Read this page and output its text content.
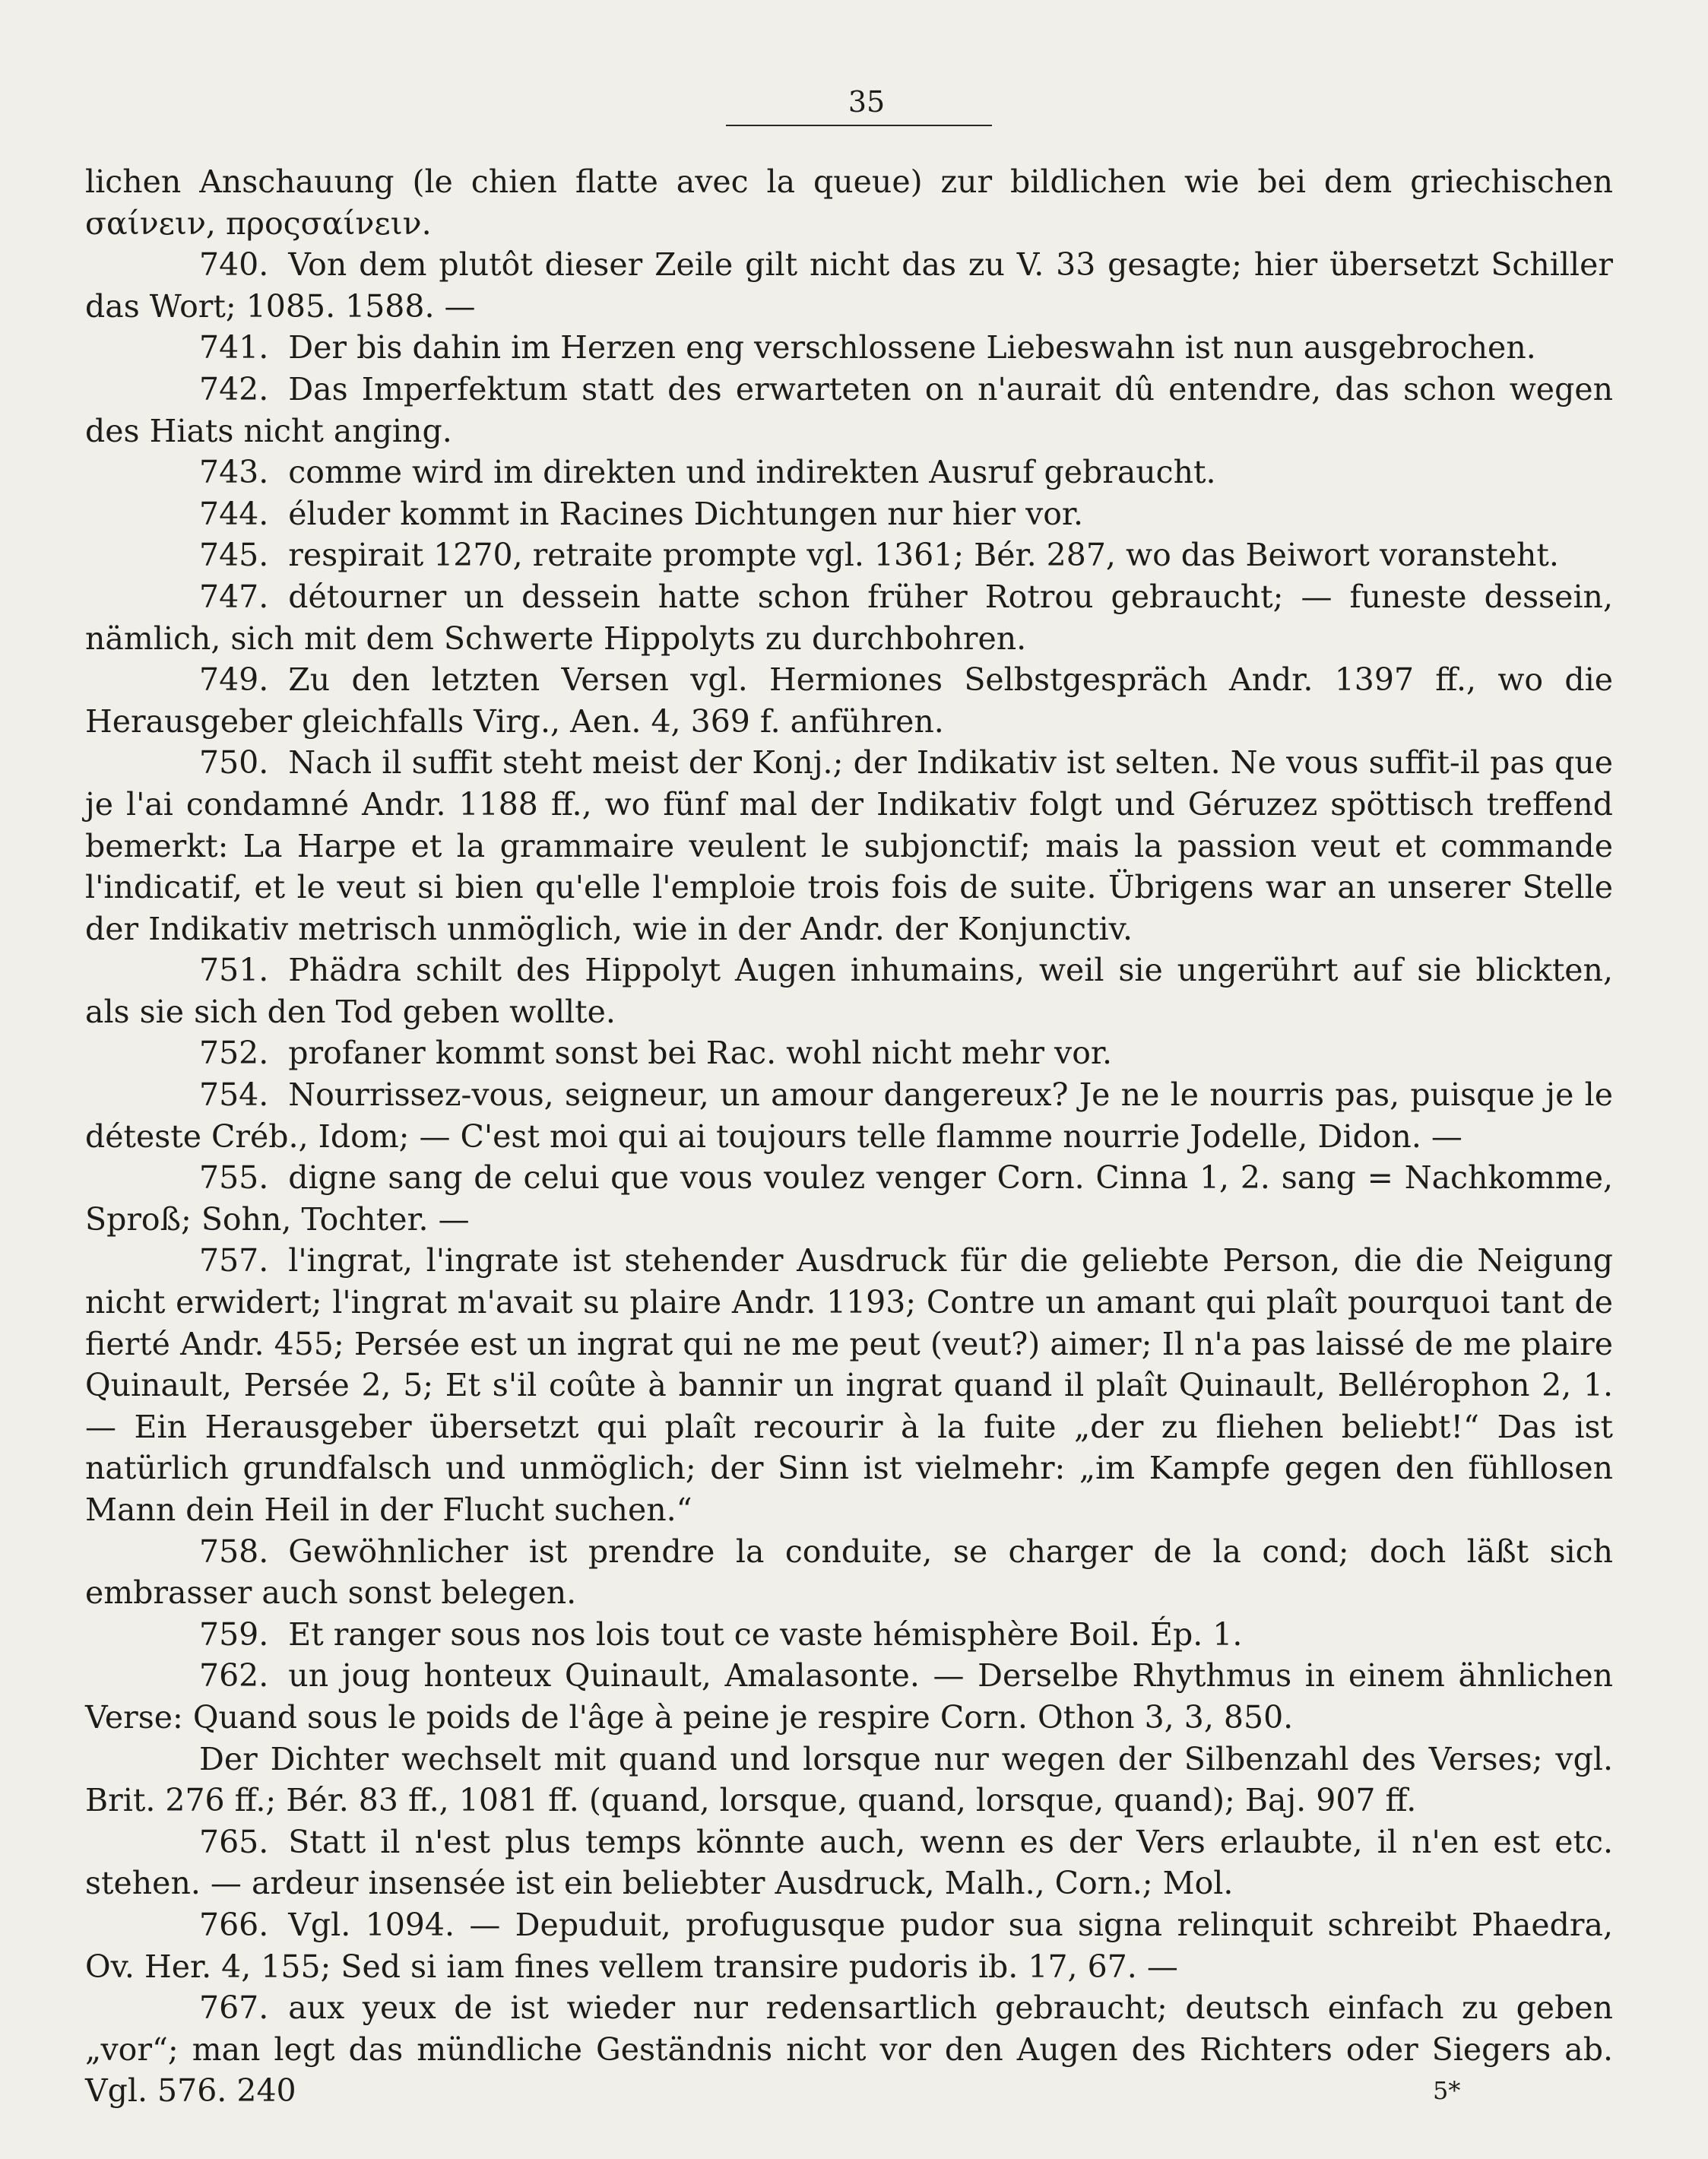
35

lichen Anschauung (le chien flatte avec la queue) zur bildlichen wie bei dem griechischen σαίνειν, προςσαίνειν.

740. Von dem plutôt dieser Zeile gilt nicht das zu V. 33 gesagte; hier übersetzt Schiller das Wort; 1085. 1588. —

741. Der bis dahin im Herzen eng verschlossene Liebeswahn ist nun ausgebrochen.

742. Das Imperfektum statt des erwarteten on n'aurait dû entendre, das schon wegen des Hiats nicht anging.

743. comme wird im direkten und indirekten Ausruf gebraucht.

744. éluder kommt in Racines Dichtungen nur hier vor.

745. respirait 1270, retraite prompte vgl. 1361; Bér. 287, wo das Beiwort voransteht.

747. détourner un dessein hatte schon früher Rotrou gebraucht; — funeste dessein, nämlich, sich mit dem Schwerte Hippolyts zu durchbohren.

749. Zu den letzten Versen vgl. Hermiones Selbstgespräch Andr. 1397 ff., wo die Herausgeber gleichfalls Virg., Aen. 4, 369 f. anführen.

750. Nach il suffit steht meist der Konj.; der Indikativ ist selten. Ne vous suffit-il pas que je l'ai condamné Andr. 1188 ff., wo fünf mal der Indikativ folgt und Géruzez spöttisch treffend bemerkt: La Harpe et la grammaire veulent le subjonctif; mais la passion veut et commande l'indicatif, et le veut si bien qu'elle l'emploie trois fois de suite. Übrigens war an unserer Stelle der Indikativ metrisch unmöglich, wie in der Andr. der Konjunctiv.

751. Phädra schilt des Hippolyt Augen inhumains, weil sie ungerührt auf sie blickten, als sie sich den Tod geben wollte.

752. profaner kommt sonst bei Rac. wohl nicht mehr vor.

754. Nourrissez-vous, seigneur, un amour dangereux? Je ne le nourris pas, puisque je le déteste Créb., Idom; — C'est moi qui ai toujours telle flamme nourrie Jodelle, Didon. —

755. digne sang de celui que vous voulez venger Corn. Cinna 1, 2. sang = Nachkomme, Sproß; Sohn, Tochter. —

757. l'ingrat, l'ingrate ist stehender Ausdruck für die geliebte Person, die die Neigung nicht erwidert; l'ingrat m'avait su plaire Andr. 1193; Contre un amant qui plaît pourquoi tant de fierté Andr. 455; Persée est un ingrat qui ne me peut (veut?) aimer; Il n'a pas laissé de me plaire Quinault, Persée 2, 5; Et s'il coûte à bannir un ingrat quand il plaît Quinault, Bellérophon 2, 1. — Ein Herausgeber übersetzt qui plaît recourir à la fuite „der zu fliehen beliebt!“ Das ist natürlich grundfalsch und unmöglich; der Sinn ist vielmehr: „im Kampfe gegen den fühllosen Mann dein Heil in der Flucht suchen.“

758. Gewöhnlicher ist prendre la conduite, se charger de la cond; doch läßt sich embrasser auch sonst belegen.

759. Et ranger sous nos lois tout ce vaste hémisphère Boil. Ép. 1.

762. un joug honteux Quinault, Amalasonte. — Derselbe Rhythmus in einem ähnlichen Verse: Quand sous le poids de l'âge à peine je respire Corn. Othon 3, 3, 850.

Der Dichter wechselt mit quand und lorsque nur wegen der Silbenzahl des Verses; vgl. Brit. 276 ff.; Bér. 83 ff., 1081 ff. (quand, lorsque, quand, lorsque, quand); Baj. 907 ff.

765. Statt il n'est plus temps könnte auch, wenn es der Vers erlaubte, il n'en est etc. stehen. — ardeur insensée ist ein beliebter Ausdruck, Malh., Corn.; Mol.

766. Vgl. 1094. — Depuduit, profugusque pudor sua signa relinquit schreibt Phaedra, Ov. Her. 4, 155; Sed si iam fines vellem transire pudoris ib. 17, 67. —

767. aux yeux de ist wieder nur redensartlich gebraucht; deutsch einfach zu geben „vor“; man legt das mündliche Geständnis nicht vor den Augen des Richters oder Siegers ab. Vgl. 576. 240	5*
